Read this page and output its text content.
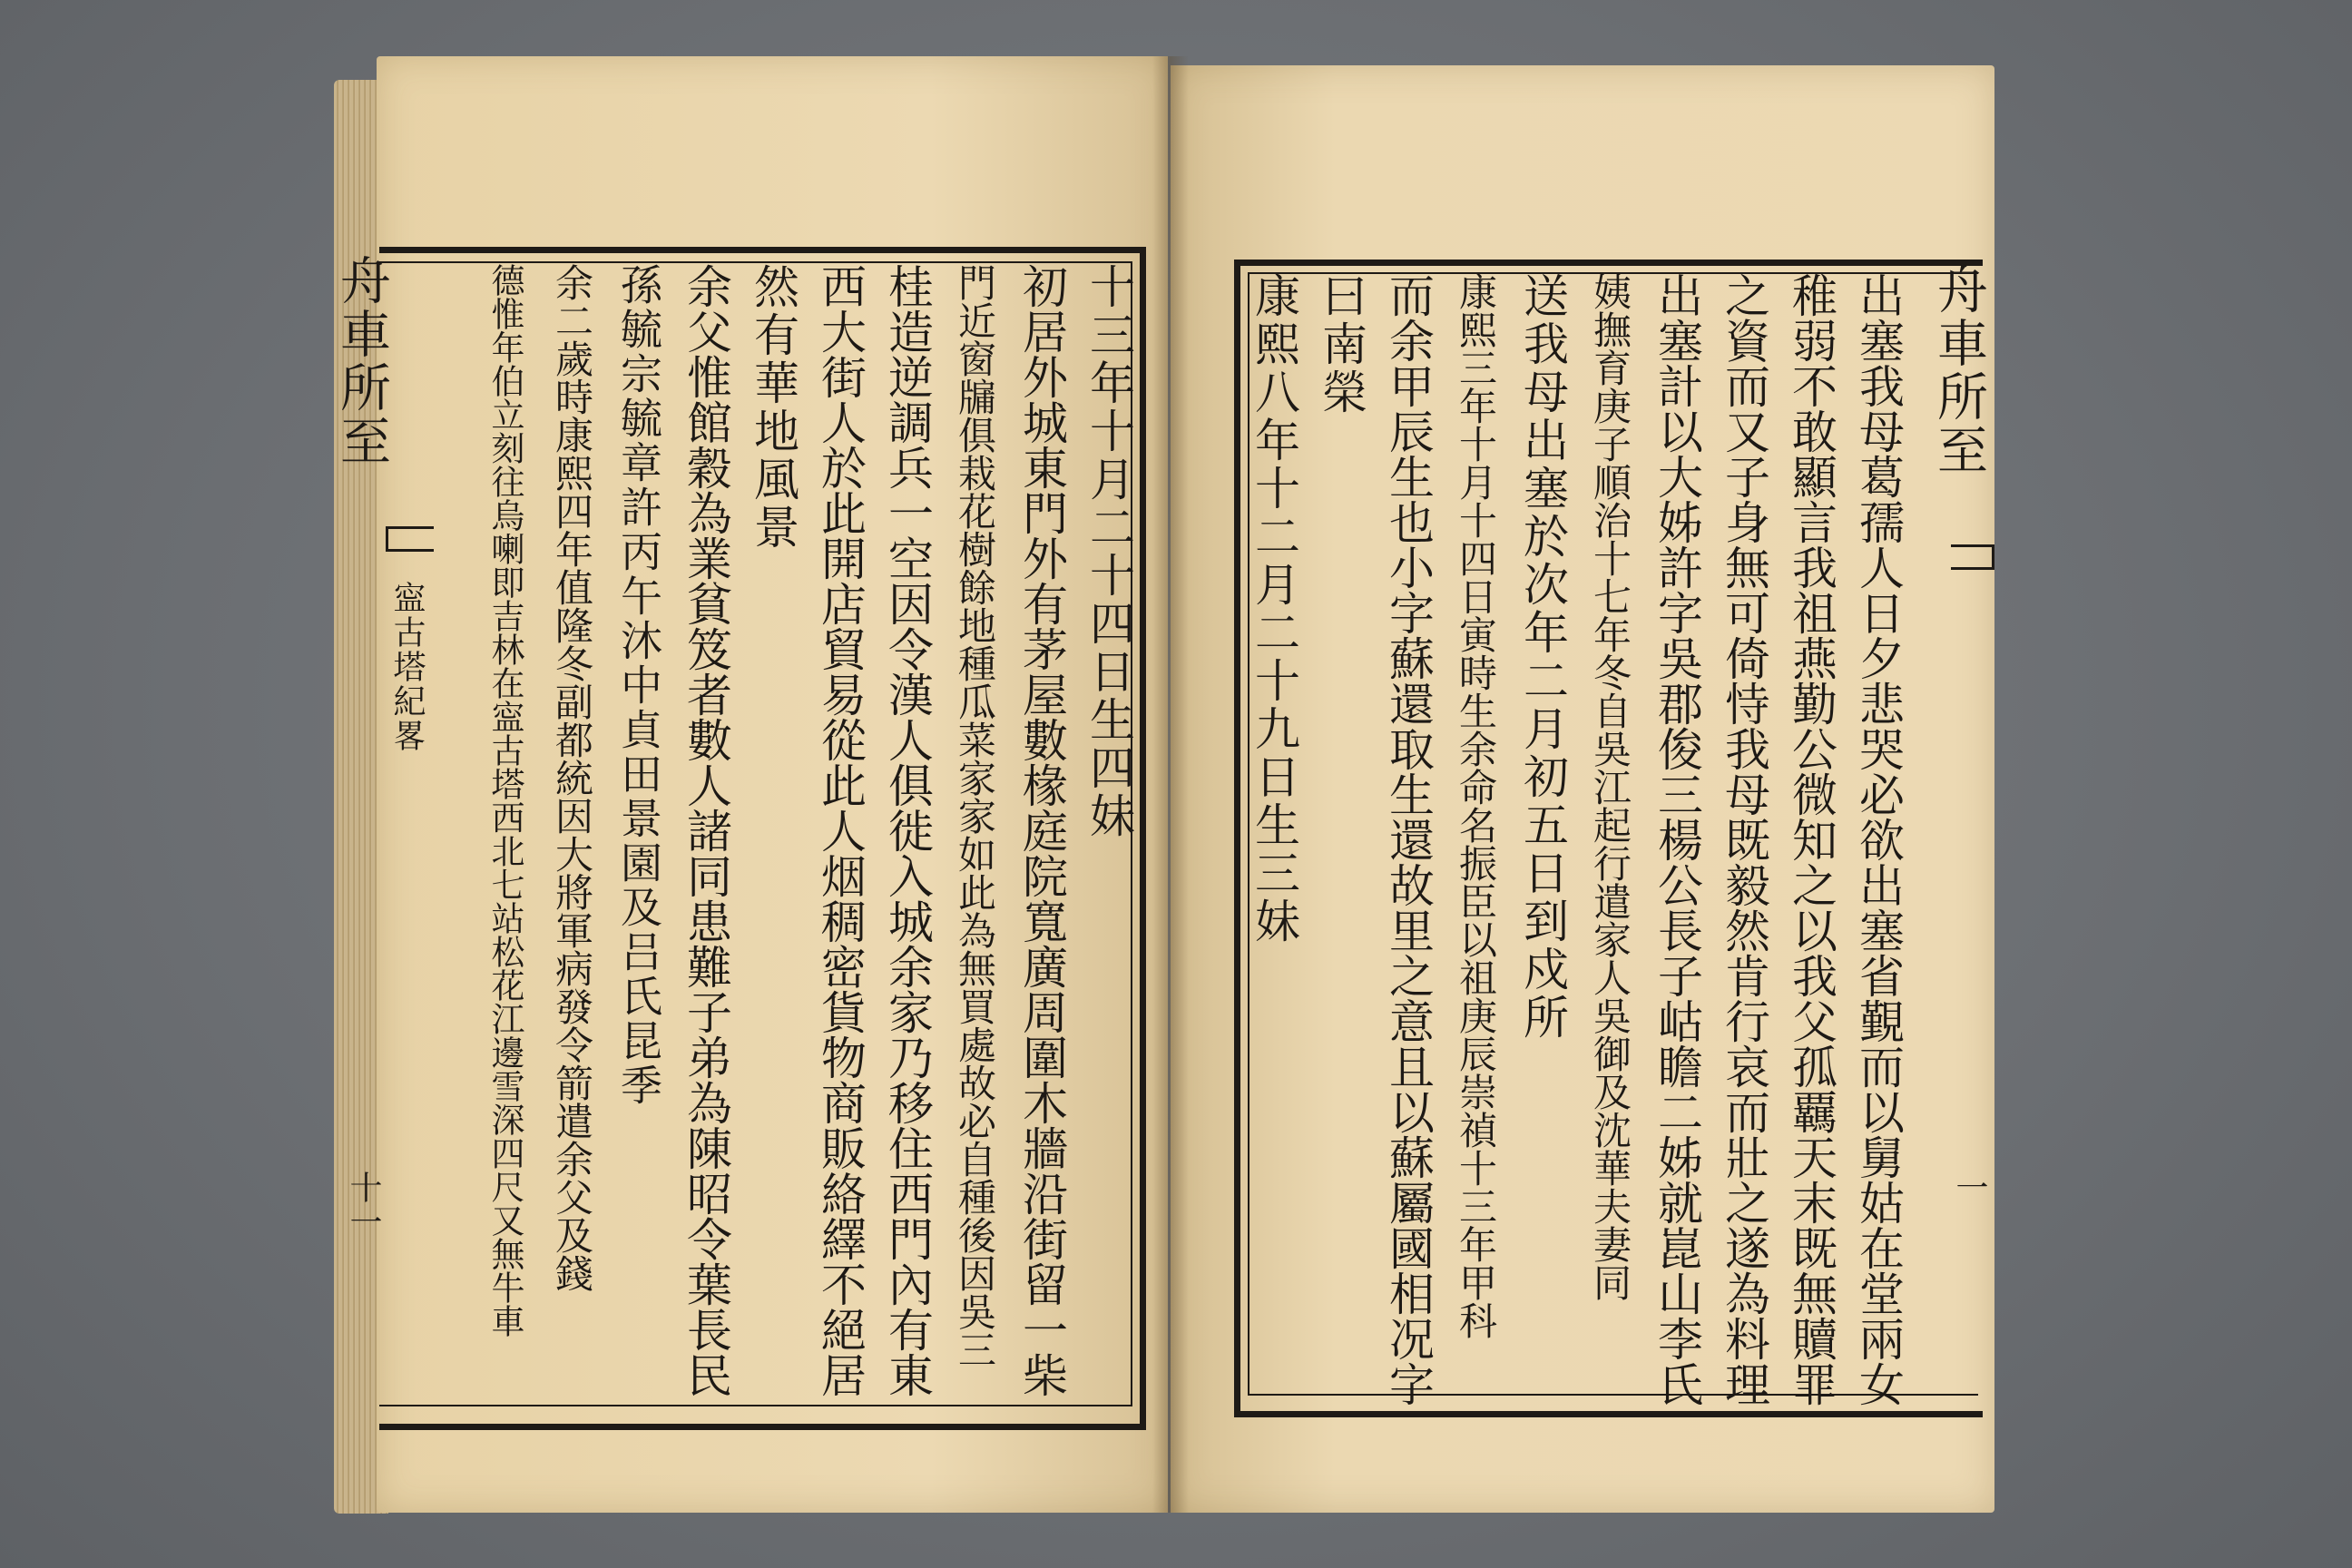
舟車所至
寍古塔紀畧
十一
十三年十月二十四日生四妹
初居外城東門外有茅屋數椽庭院寬廣周圍木牆沿街留一柴
門近窗牖俱栽花樹餘地種瓜菜家家如此為無買處故必自種後因吳三
桂造逆調兵一空因令漢人俱徙入城余家乃移住西門內有東
西大街人於此開店貿易從此人烟稠密貨物商販絡繹不絕居
然有華地風景
余父惟館穀為業貧笈者數人諸同患難子弟為陳昭令葉長民
孫毓宗毓章許丙午沐中貞田景園及吕氏昆季
余二歲時康熙四年值隆冬副都統因大將軍病發令箭遣余父及錢
德惟年伯立刻往烏喇即吉林在寍古塔西北七站松花江邊雪深四尺又無牛車	舟車所至
一
出塞我母葛孺人日夕悲哭必欲出塞省覲而以舅姑在堂兩女
稚弱不敢顯言我祖燕勤公微知之以我父孤覊天末既無贖罪
之資而又子身無可倚恃我母既毅然肯行哀而壯之遂為料理
出塞計以大姊許字吳郡俊三楊公長子岵瞻二姊就崑山李氏
姨撫育庚子順治十七年冬自吳江起行遣家人吳御及沈華夫妻同
送我母出塞於次年二月初五日到戍所
康熙三年十月十四日寅時生余命名振臣以祖庚辰崇禎十三年甲科
而余甲辰生也小字蘇還取生還故里之意且以蘇屬國相况字
曰南榮
康熙八年十二月二十九日生三妹
